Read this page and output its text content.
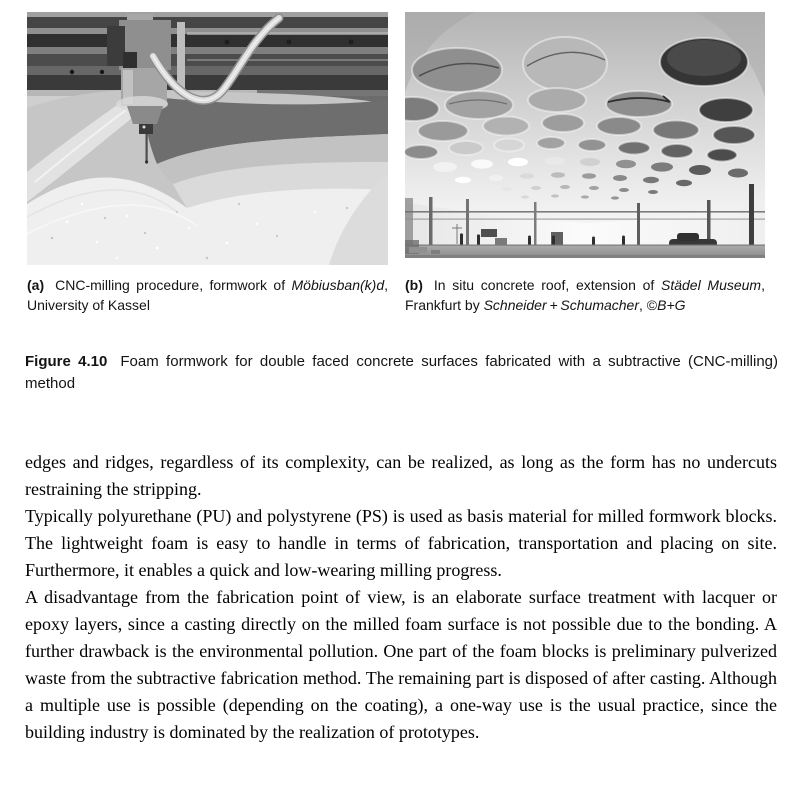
(a) CNC-milling procedure, formwork of Möbiusban(k)d, University of Kassel
(b) In situ concrete roof, extension of Städel Museum, Frankfurt by Schneider + Schumacher, ©B+G
Figure 4.10 Foam formwork for double faced concrete surfaces fabricated with a subtractive (CNC-milling) method

edges and ridges, regardless of its complexity, can be realized, as long as the form has no undercuts restraining the stripping.

Typically polyurethane (PU) and polystyrene (PS) is used as basis material for milled formwork blocks. The lightweight foam is easy to handle in terms of fabrication, transportation and placing on site. Furthermore, it enables a quick and low-wearing milling progress.

A disadvantage from the fabrication point of view, is an elaborate surface treatment with lacquer or epoxy layers, since a casting directly on the milled foam surface is not possible due to the bonding. A further drawback is the environmental pollution. One part of the foam blocks is preliminary pulverized waste from the subtractive fabrication method. The remaining part is disposed of after casting. Although a multiple use is possible (depending on the coating), a one-way use is the usual practice, since the building industry is dominated by the realization of prototypes.
